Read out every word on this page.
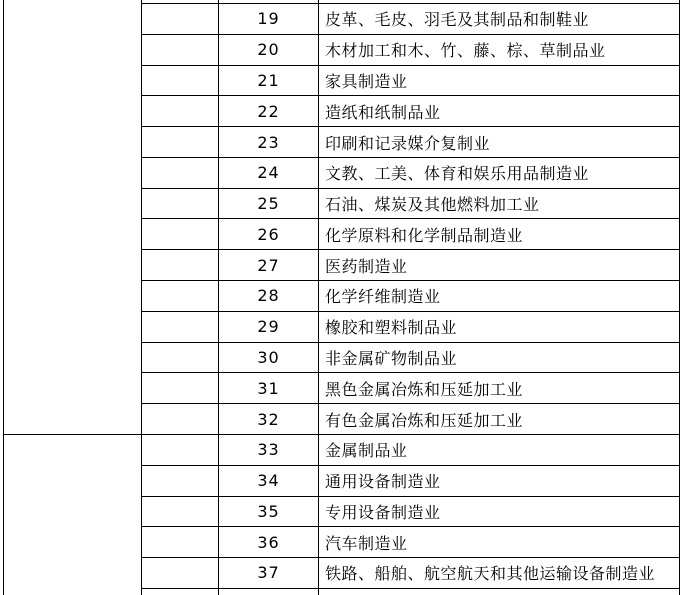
		19	皮革、毛皮、羽毛及其制品和制鞋业
		20	木材加工和木、竹、藤、棕、草制品业
		21	家具制造业
		22	造纸和纸制品业
		23	印刷和记录媒介复制业
		24	文教、工美、体育和娱乐用品制造业
		25	石油、煤炭及其他燃料加工业
		26	化学原料和化学制品制造业
		27	医药制造业
		28	化学纤维制造业
		29	橡胶和塑料制品业
		30	非金属矿物制品业
		31	黑色金属冶炼和压延加工业
		32	有色金属冶炼和压延加工业
		33	金属制品业
		34	通用设备制造业
		35	专用设备制造业
		36	汽车制造业
		37	铁路、船舶、航空航天和其他运输设备制造业
